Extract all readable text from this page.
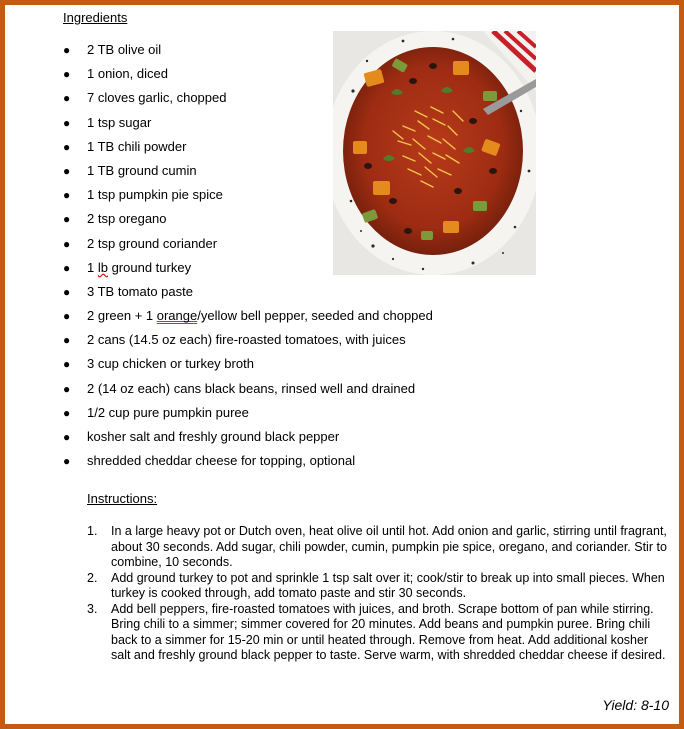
Ingredients
● 2 TB olive oil
● 1 onion, diced
● 7 cloves garlic, chopped
● 1 tsp sugar
● 1 TB chili powder
● 1 TB ground cumin
● 1 tsp pumpkin pie spice
● 2 tsp oregano
● 2 tsp ground coriander
● 1 lb ground turkey
● 3 TB tomato paste
● 2 green + 1 orange/yellow bell pepper, seeded and chopped
● 2 cans (14.5 oz each) fire-roasted tomatoes, with juices
● 3 cup chicken or turkey broth
● 2 (14 oz each) cans black beans, rinsed well and drained
● 1/2 cup pure pumpkin puree
● kosher salt and freshly ground black pepper
● shredded cheddar cheese for topping, optional
Instructions:
1. In a large heavy pot or Dutch oven, heat olive oil until hot. Add onion and garlic, stirring until fragrant, about 30 seconds. Add sugar, chili powder, cumin, pumpkin pie spice, oregano, and coriander. Stir to combine, 10 seconds.
2. Add ground turkey to pot and sprinkle 1 tsp salt over it; cook/stir to break up into small pieces. When turkey is cooked through, add tomato paste and stir 30 seconds.
3. Add bell peppers, fire-roasted tomatoes with juices, and broth. Scrape bottom of pan while stirring. Bring chili to a simmer; simmer covered for 20 minutes. Add beans and pumpkin puree. Bring chili back to a simmer for 15-20 min or until heated through. Remove from heat. Add additional kosher salt and freshly ground black pepper to taste. Serve warm, with shredded cheddar cheese if desired.
Yield: 8-10
